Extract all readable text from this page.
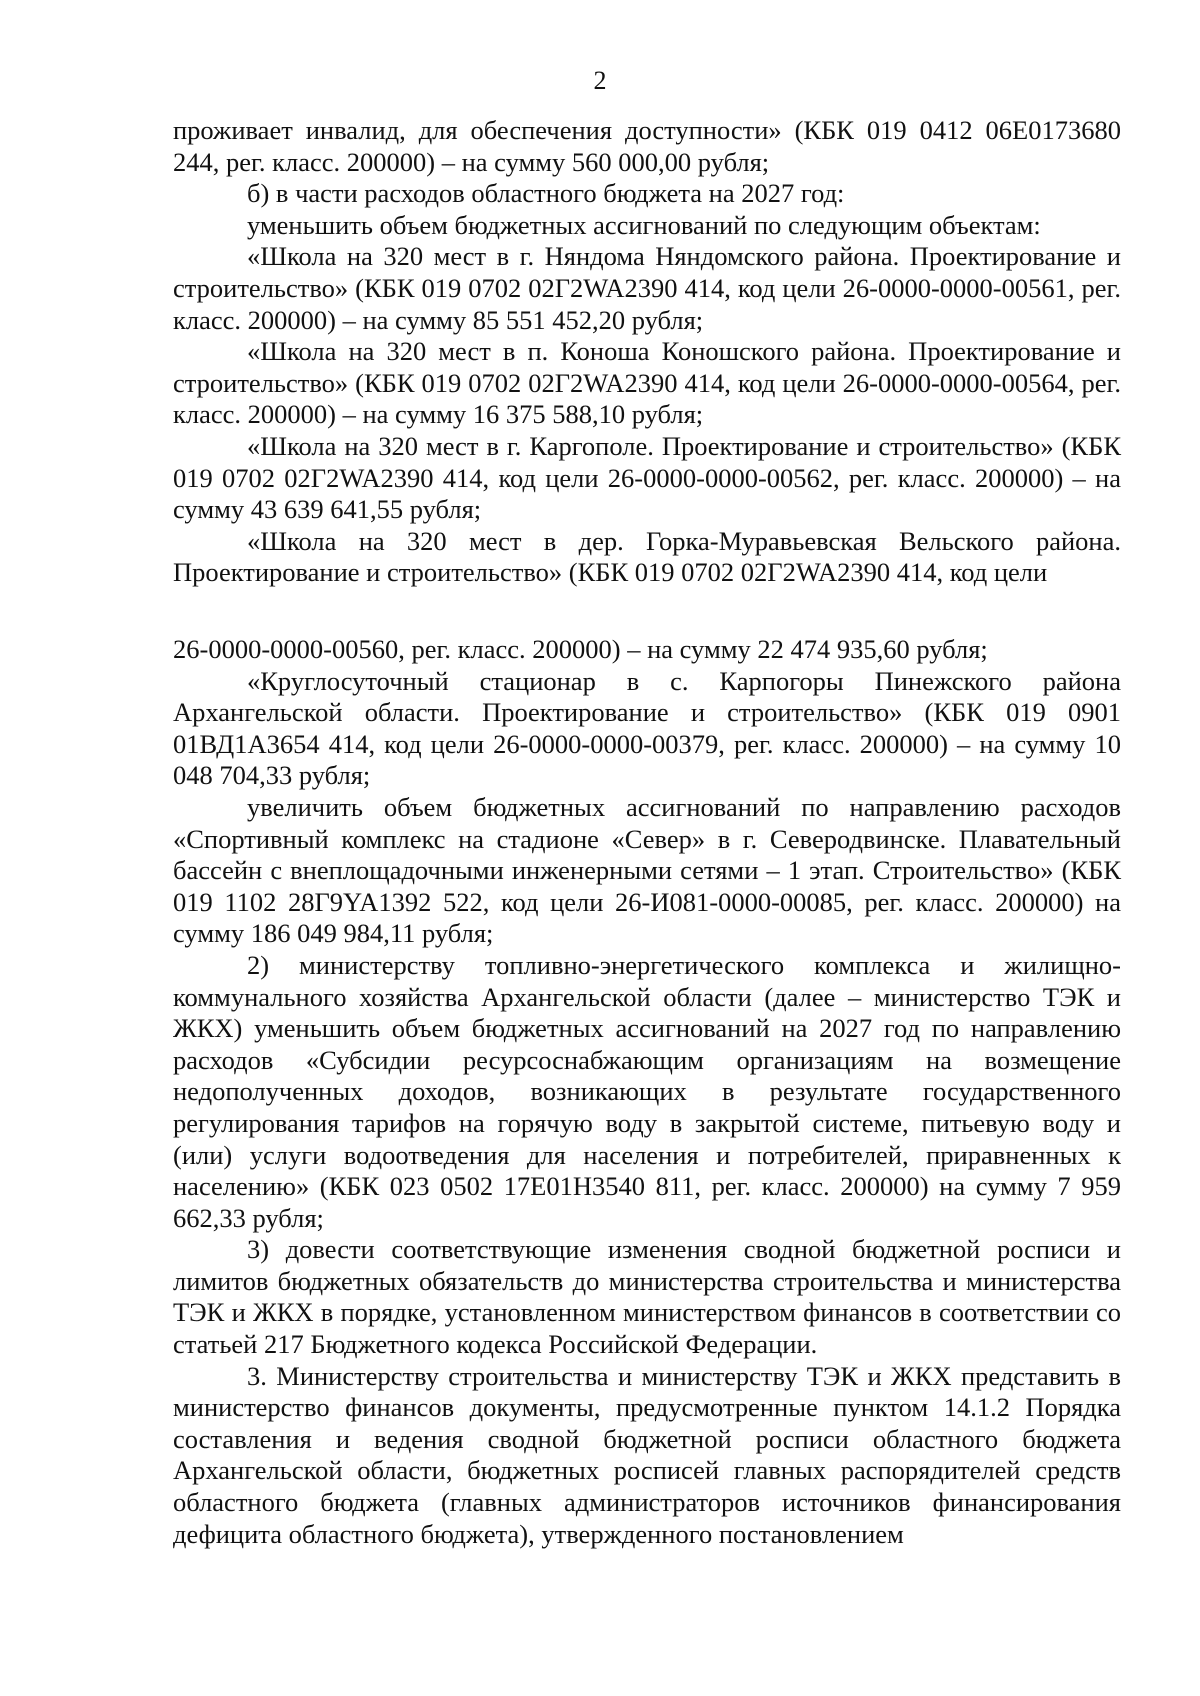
2

проживает инвалид, для обеспечения доступности» (КБК 019 0412 06Е0173680 244, рег. класс. 200000) – на сумму 560 000,00 рубля;

б) в части расходов областного бюджета на 2027 год:

уменьшить объем бюджетных ассигнований по следующим объектам:

«Школа на 320 мест в г. Няндома Няндомского района. Проектирование и строительство» (КБК 019 0702 02Г2WA2390 414, код цели 26-0000-0000-00561, рег. класс. 200000) – на сумму 85 551 452,20 рубля;

«Школа на 320 мест в п. Коноша Коношского района. Проектирование и строительство» (КБК 019 0702 02Г2WA2390 414, код цели 26-0000-0000-00564, рег. класс. 200000) – на сумму 16 375 588,10 рубля;

«Школа на 320 мест в г. Каргополе. Проектирование и строительство» (КБК 019 0702 02Г2WA2390 414, код цели 26-0000-0000-00562, рег. класс. 200000) – на сумму 43 639 641,55 рубля;

«Школа на 320 мест в дер. Горка-Муравьевская Вельского района. Проектирование и строительство» (КБК 019 0702 02Г2WA2390 414, код цели

26-0000-0000-00560, рег. класс. 200000) – на сумму 22 474 935,60 рубля;

«Круглосуточный стационар в с. Карпогоры Пинежского района Архангельской области. Проектирование и строительство» (КБК 019 0901 01ВД1А3654 414, код цели 26-0000-0000-00379, рег. класс. 200000) – на сумму 10 048 704,33 рубля;

увеличить объем бюджетных ассигнований по направлению расходов «Спортивный комплекс на стадионе «Север» в г. Северодвинске. Плавательный бассейн с внеплощадочными инженерными сетями – 1 этап. Строительство» (КБК 019 1102 28Г9YA1392 522, код цели 26-И081-0000-00085, рег. класс. 200000) на сумму 186 049 984,11 рубля;

2) министерству топливно-энергетического комплекса и жилищно-коммунального хозяйства Архангельской области (далее – министерство ТЭК и ЖКХ) уменьшить объем бюджетных ассигнований на 2027 год по направлению расходов «Субсидии ресурсоснабжающим организациям на возмещение недополученных доходов, возникающих в результате государственного регулирования тарифов на горячую воду в закрытой системе, питьевую воду и (или) услуги водоотведения для населения и потребителей, приравненных к населению» (КБК 023 0502 17Е01Н3540 811, рег. класс. 200000) на сумму 7 959 662,33 рубля;

3) довести соответствующие изменения сводной бюджетной росписи и лимитов бюджетных обязательств до министерства строительства и министерства ТЭК и ЖКХ в порядке, установленном министерством финансов в соответствии со статьей 217 Бюджетного кодекса Российской Федерации.

3. Министерству строительства и министерству ТЭК и ЖКХ представить в министерство финансов документы, предусмотренные пунктом 14.1.2 Порядка составления и ведения сводной бюджетной росписи областного бюджета Архангельской области, бюджетных росписей главных распорядителей средств областного бюджета (главных администраторов источников финансирования дефицита областного бюджета), утвержденного постановлением
